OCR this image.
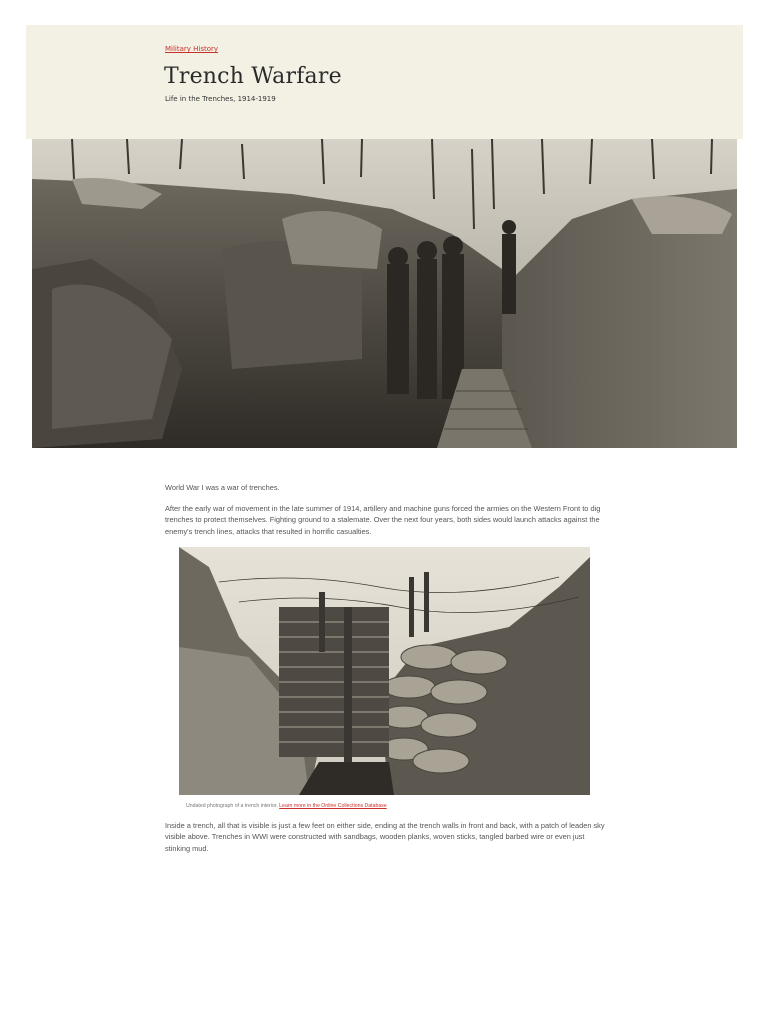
Military History
Trench Warfare
Life in the Trenches, 1914-1919

World War I was a war of trenches.

After the early war of movement in the late summer of 1914, artillery and machine guns forced the armies on the Western Front to dig trenches to protect themselves. Fighting ground to a stalemate. Over the next four years, both sides would launch attacks against the enemy's trench lines, attacks that resulted in horrific casualties.

Undated photograph of a trench interior. Learn more in the Online Collections Database

Inside a trench, all that is visible is just a few feet on either side, ending at the trench walls in front and back, with a patch of leaden sky visible above. Trenches in WWI were constructed with sandbags, wooden planks, woven sticks, tangled barbed wire or even just stinking mud.
